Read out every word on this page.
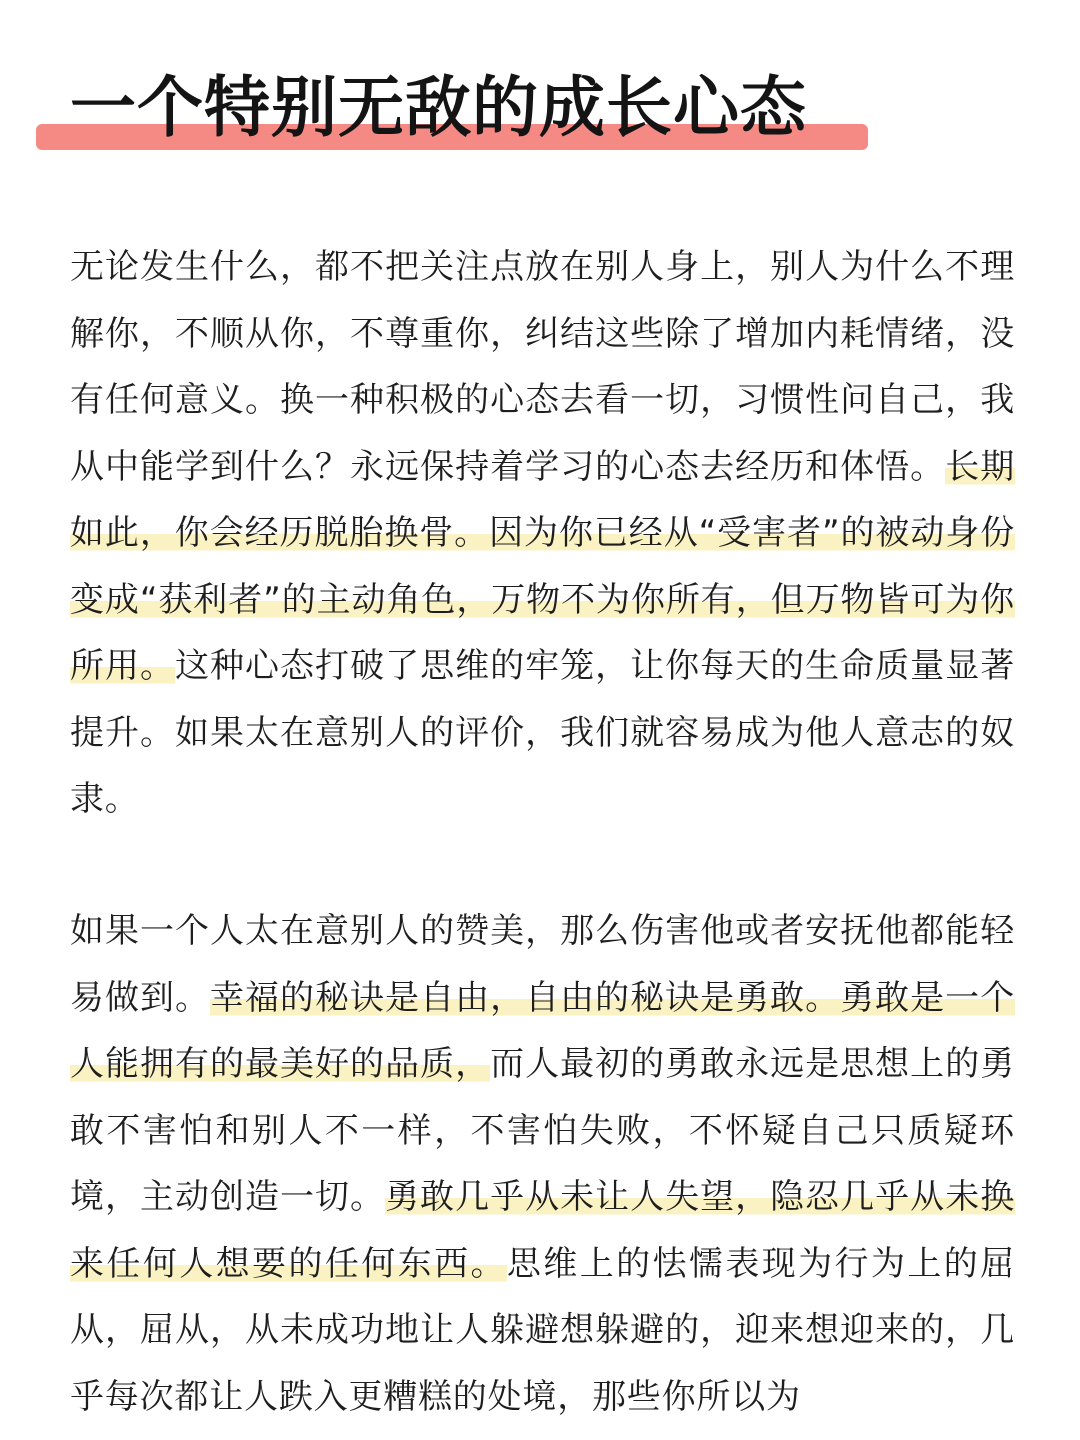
一个特别无敌的成长心态

无论发生什么，都不把关注点放在别人身上，别人为什么不理解你，不顺从你，不尊重你，纠结这些除了增加内耗情绪，没有任何意义。换一种积极的心态去看一切，习惯性问自己，我从中能学到什么？永远保持着学习的心态去经历和体悟。长期如此，你会经历脱胎换骨。因为你已经从“受害者”的被动身份变成“获利者”的主动角色，万物不为你所有，但万物皆可为你所用。这种心态打破了思维的牢笼，让你每天的生命质量显著提升。如果太在意别人的评价，我们就容易成为他人意志的奴隶。

如果一个人太在意别人的赞美，那么伤害他或者安抚他都能轻易做到。幸福的秘诀是自由，自由的秘诀是勇敢。勇敢是一个人能拥有的最美好的品质，而人最初的勇敢永远是思想上的勇敢不害怕和别人不一样，不害怕失败，不怀疑自己只质疑环境，主动创造一切。勇敢几乎从未让人失望，隐忍几乎从未换来任何人想要的任何东西。思维上的怯懦表现为行为上的屈从，屈从，从未成功地让人躲避想躲避的，迎来想迎来的，几乎每次都让人跌入更糟糕的处境，那些你所以为
